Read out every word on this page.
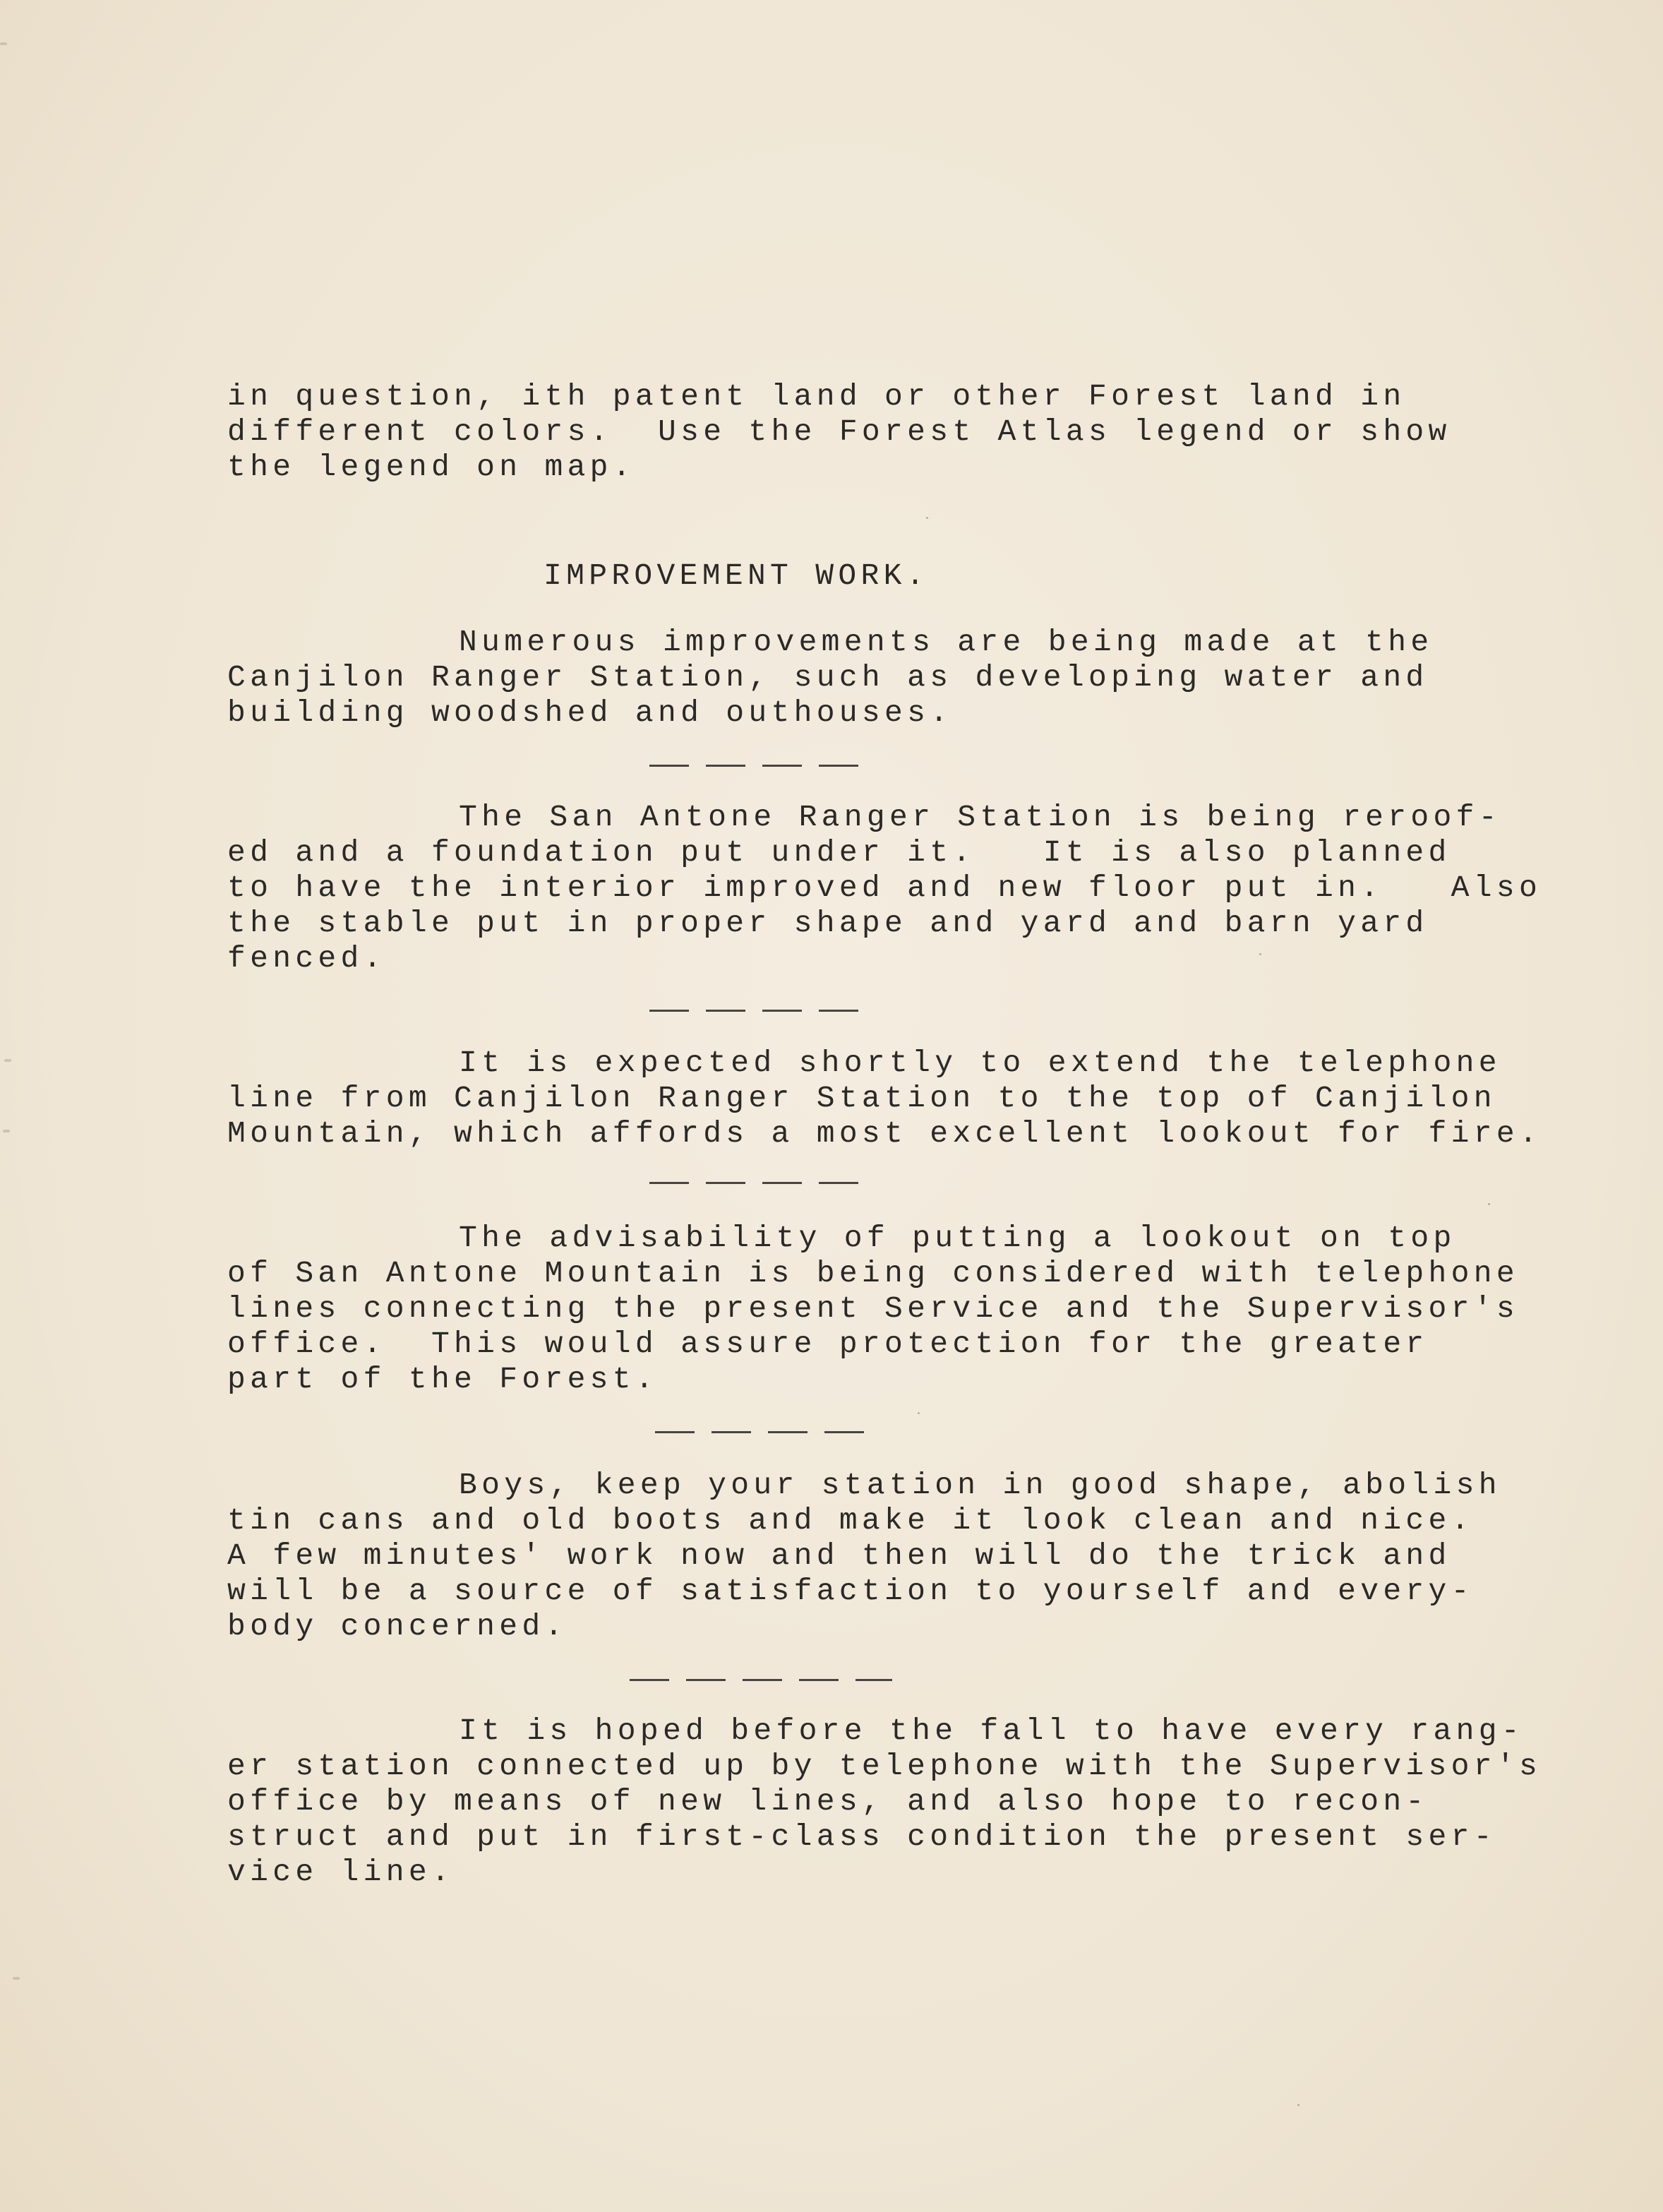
in question, ith patent land or other Forest land in
different colors.  Use the Forest Atlas legend or show
the legend on map.
IMPROVEMENT WORK.
Numerous improvements are being made at the
Canjilon Ranger Station, such as developing water and
building woodshed and outhouses.
The San Antone Ranger Station is being reroof-
ed and a foundation put under it.   It is also planned
to have the interior improved and new floor put in.   Also
the stable put in proper shape and yard and barn yard
fenced.
It is expected shortly to extend the telephone
line from Canjilon Ranger Station to the top of Canjilon
Mountain, which affords a most excellent lookout for fire.
The advisability of putting a lookout on top
of San Antone Mountain is being considered with telephone
lines connecting the present Service and the Supervisor's
office.  This would assure protection for the greater
part of the Forest.
Boys, keep your station in good shape, abolish
tin cans and old boots and make it look clean and nice.
A few minutes' work now and then will do the trick and
will be a source of satisfaction to yourself and every-
body concerned.
It is hoped before the fall to have every rang-
er station connected up by telephone with the Supervisor's
office by means of new lines, and also hope to recon-
struct and put in first-class condition the present ser-
vice line.
